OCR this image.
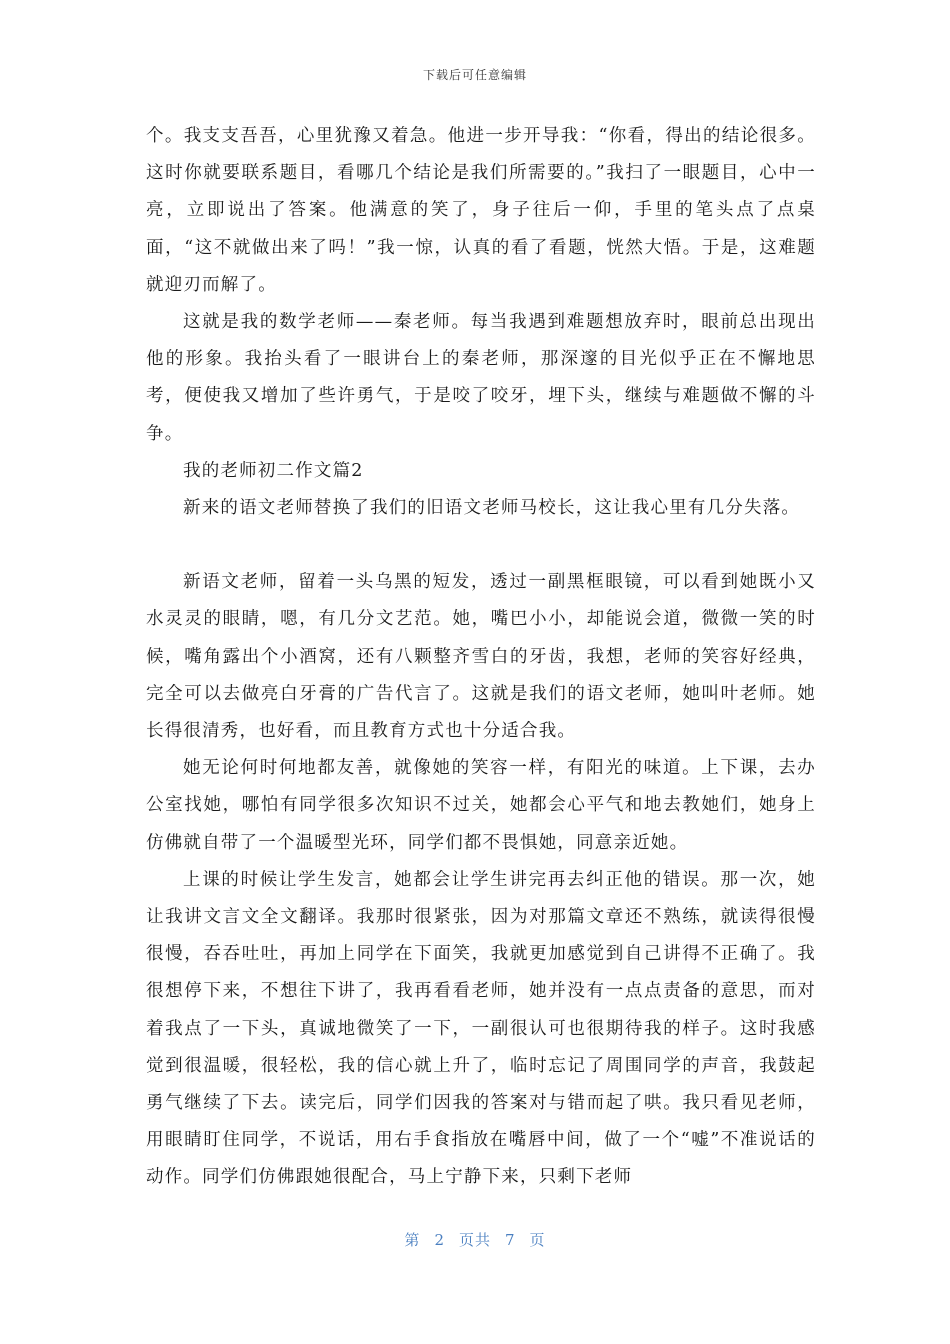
下载后可任意编辑

个。我支支吾吾，心里犹豫又着急。他进一步开导我：“你看，得出的结论很多。这时你就要联系题目，看哪几个结论是我们所需要的。”我扫了一眼题目，心中一亮，立即说出了答案。他满意的笑了，身子往后一仰，手里的笔头点了点桌面，“这不就做出来了吗！”我一惊，认真的看了看题，恍然大悟。于是，这难题就迎刃而解了。

这就是我的数学老师——秦老师。每当我遇到难题想放弃时，眼前总出现出他的形象。我抬头看了一眼讲台上的秦老师，那深邃的目光似乎正在不懈地思考，便使我又增加了些许勇气，于是咬了咬牙，埋下头，继续与难题做不懈的斗争。

我的老师初二作文篇2

新来的语文老师替换了我们的旧语文老师马校长，这让我心里有几分失落。

新语文老师，留着一头乌黑的短发，透过一副黑框眼镜，可以看到她既小又水灵灵的眼睛，嗯，有几分文艺范。她，嘴巴小小，却能说会道，微微一笑的时候，嘴角露出个小酒窝，还有八颗整齐雪白的牙齿，我想，老师的笑容好经典，完全可以去做亮白牙膏的广告代言了。这就是我们的语文老师，她叫叶老师。她长得很清秀，也好看，而且教育方式也十分适合我。

她无论何时何地都友善，就像她的笑容一样，有阳光的味道。上下课，去办公室找她，哪怕有同学很多次知识不过关，她都会心平气和地去教她们，她身上仿佛就自带了一个温暖型光环，同学们都不畏惧她，同意亲近她。

上课的时候让学生发言，她都会让学生讲完再去纠正他的错误。那一次，她让我讲文言文全文翻译。我那时很紧张，因为对那篇文章还不熟练，就读得很慢很慢，吞吞吐吐，再加上同学在下面笑，我就更加感觉到自己讲得不正确了。我很想停下来，不想往下讲了，我再看看老师，她并没有一点点责备的意思，而对着我点了一下头，真诚地微笑了一下，一副很认可也很期待我的样子。这时我感觉到很温暖，很轻松，我的信心就上升了，临时忘记了周围同学的声音，我鼓起勇气继续了下去。读完后，同学们因我的答案对与错而起了哄。我只看见老师，用眼睛盯住同学，不说话，用右手食指放在嘴唇中间，做了一个“嘘”不准说话的动作。同学们仿佛跟她很配合，马上宁静下来，只剩下老师

第 2 页共 7 页
